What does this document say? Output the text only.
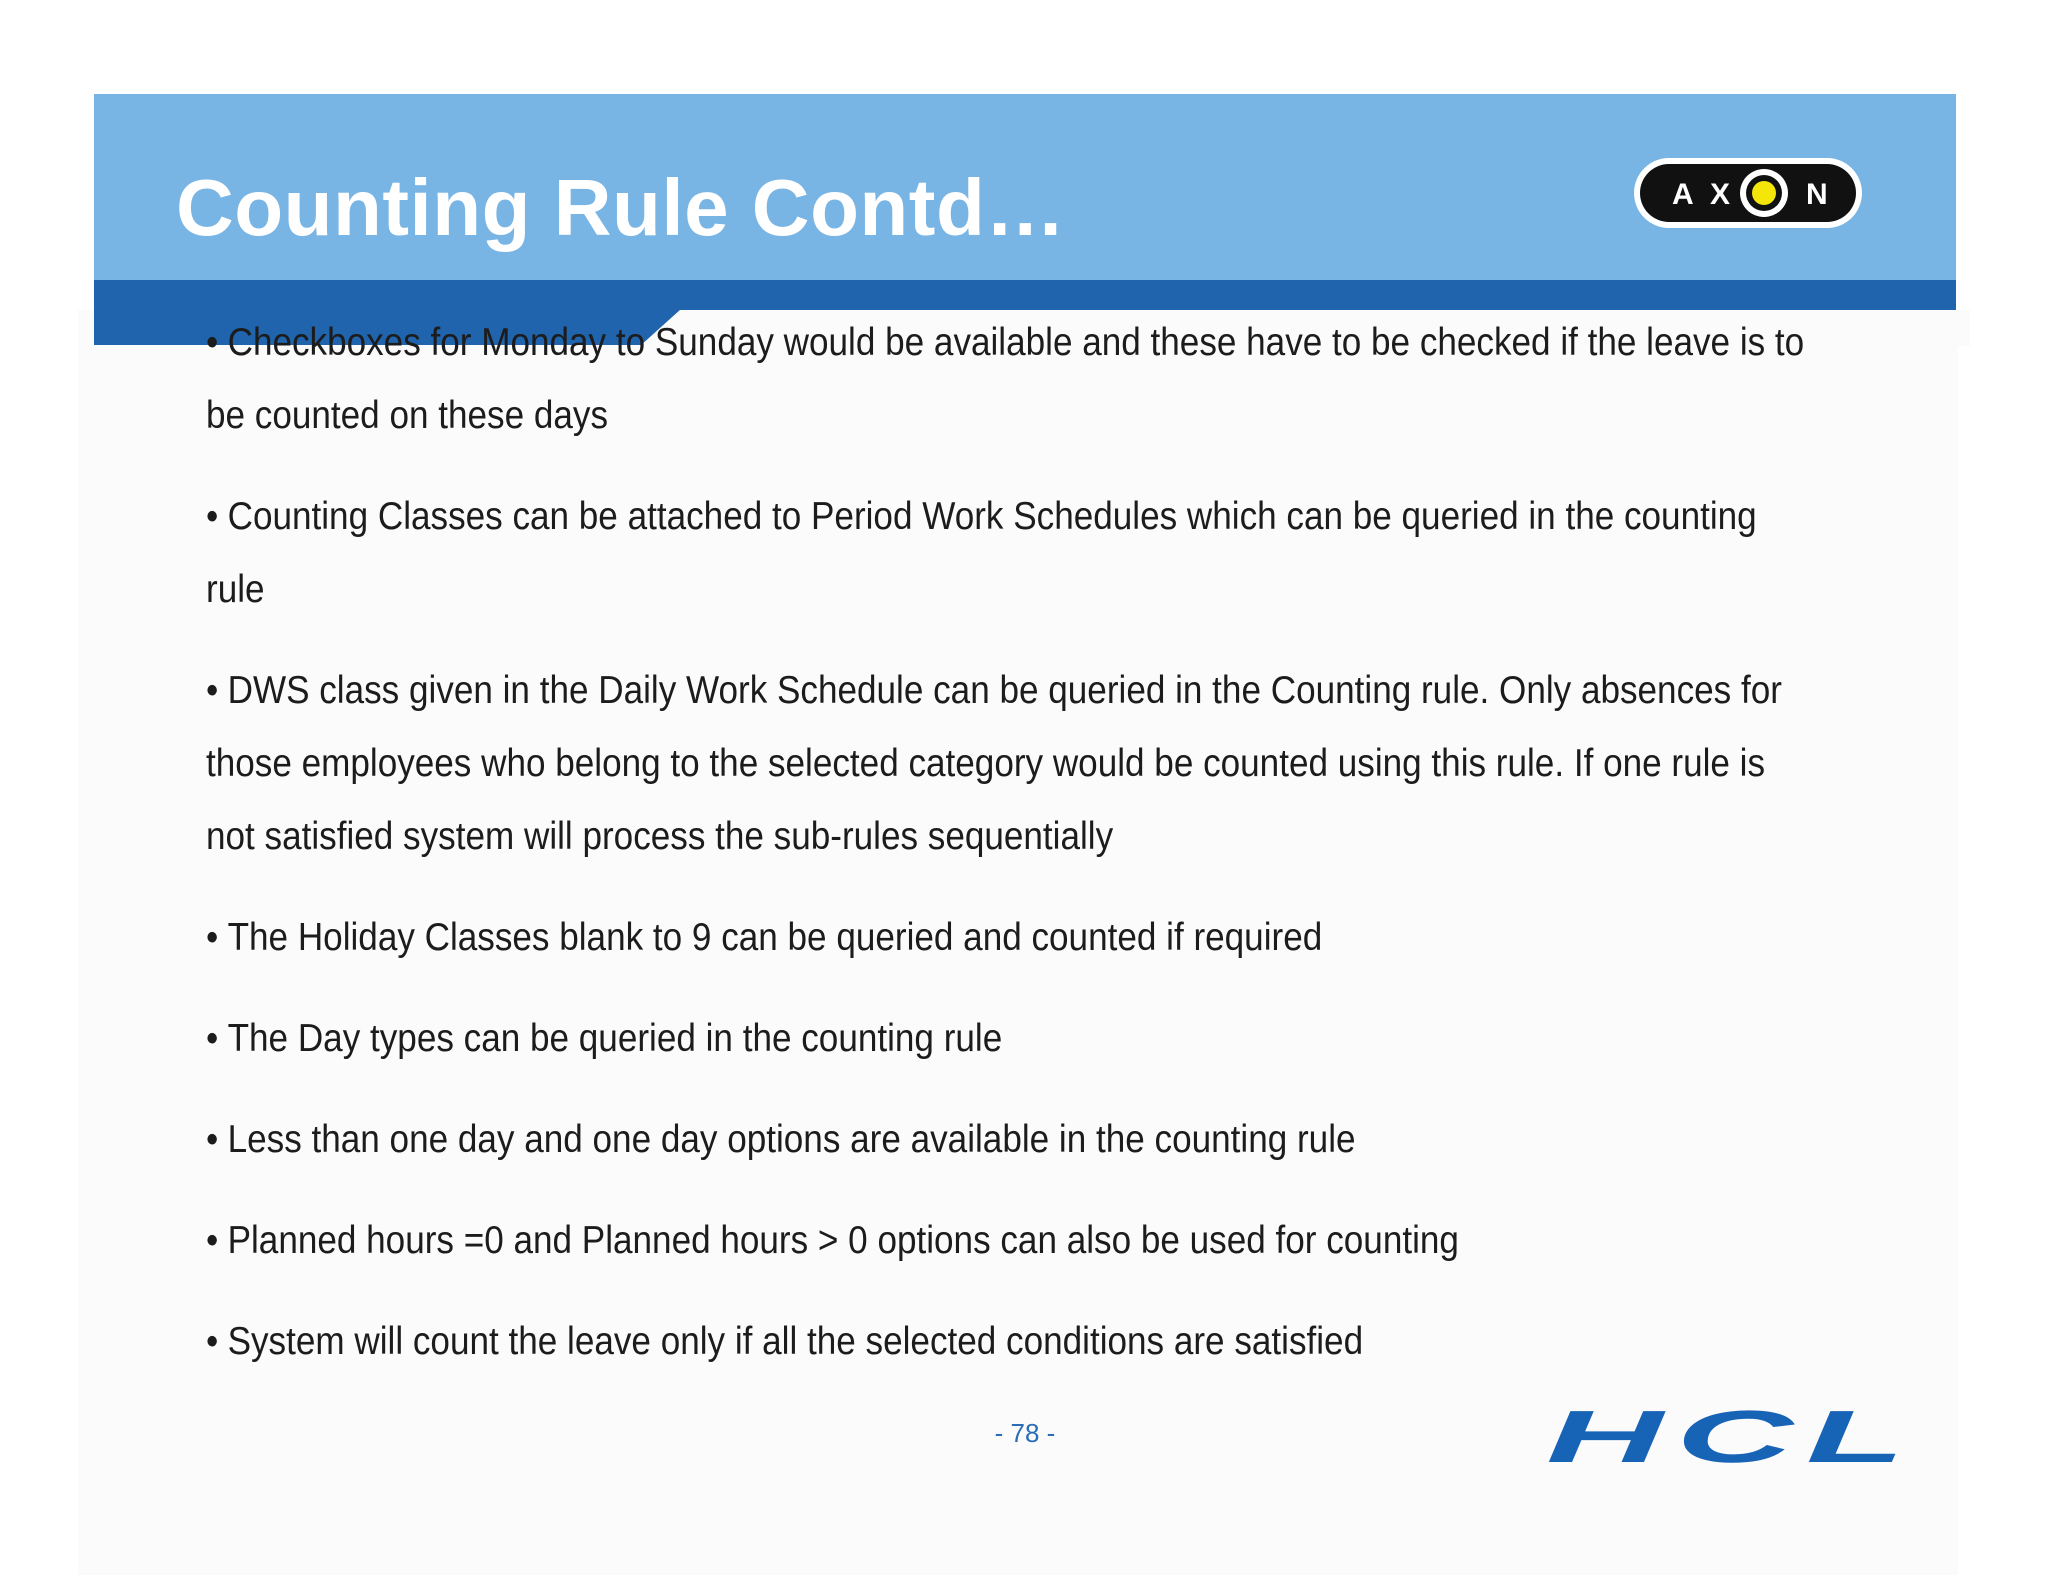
Counting Rule Contd…	A X	N
• Checkboxes for Monday to Sunday would be available and these have to be checked if the leave is to be counted on these days
• Counting Classes can be attached to Period Work Schedules which can be queried in the counting rule
• DWS class given in the Daily Work Schedule can be queried in the Counting rule. Only absences for those employees who belong to the selected category would be counted using this rule. If one rule is not satisfied system will process the sub-rules sequentially
• The Holiday Classes blank to 9 can be queried and counted if required
• The Day types can be queried in the counting rule
• Less than one day and one day options are available in the counting rule
• Planned hours =0 and Planned hours > 0 options can also be used for counting
• System will count the leave only if all the selected conditions are satisfied
- 78 -	HCL
